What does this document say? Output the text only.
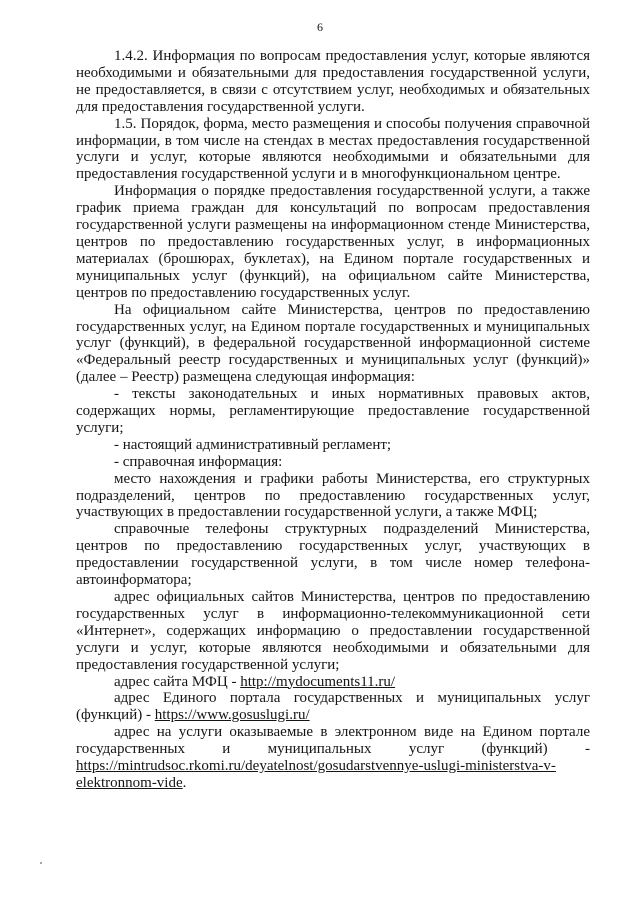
6

1.4.2. Информация по вопросам предоставления услуг, которые являются необходимыми и обязательными для предоставления государственной услуги, не предоставляется, в связи с отсутствием услуг, необходимых и обязательных для предоставления государственной услуги.

1.5. Порядок, форма, место размещения и способы получения справочной информации, в том числе на стендах в местах предоставления государственной услуги и услуг, которые являются необходимыми и обязательными для предоставления государственной услуги и в многофункциональном центре.

Информация о порядке предоставления государственной услуги, а также график приема граждан для консультаций по вопросам предоставления государственной услуги размещены на информационном стенде Министерства, центров по предоставлению государственных услуг, в информационных материалах (брошюрах, буклетах), на Едином портале государственных и муниципальных услуг (функций), на официальном сайте Министерства, центров по предоставлению государственных услуг.

На официальном сайте Министерства, центров по предоставлению государственных услуг, на Едином портале государственных и муниципальных услуг (функций), в федеральной государственной информационной системе «Федеральный реестр государственных и муниципальных услуг (функций)» (далее – Реестр) размещена следующая информация:

- тексты законодательных и иных нормативных правовых актов, содержащих нормы, регламентирующие предоставление государственной услуги;

- настоящий административный регламент;

- справочная информация:

место нахождения и графики работы Министерства, его структурных подразделений, центров по предоставлению государственных услуг, участвующих в предоставлении государственной услуги, а также МФЦ;

справочные телефоны структурных подразделений Министерства, центров по предоставлению государственных услуг, участвующих в предоставлении государственной услуги, в том числе номер телефона-автоинформатора;

адрес официальных сайтов Министерства, центров по предоставлению государственных услуг в информационно-телекоммуникационной сети «Интернет», содержащих информацию о предоставлении государственной услуги и услуг, которые являются необходимыми и обязательными для предоставления государственной услуги;

адрес сайта МФЦ - http://mydocuments11.ru/

адрес Единого портала государственных и муниципальных услуг (функций) - https://www.gosuslugi.ru/

адрес на услуги оказываемые в электронном виде на Едином портале государственных и муниципальных услуг (функций) - https://mintrudsoc.rkomi.ru/deyatelnost/gosudarstvennye-uslugi-ministerstva-v-elektronnom-vide.
